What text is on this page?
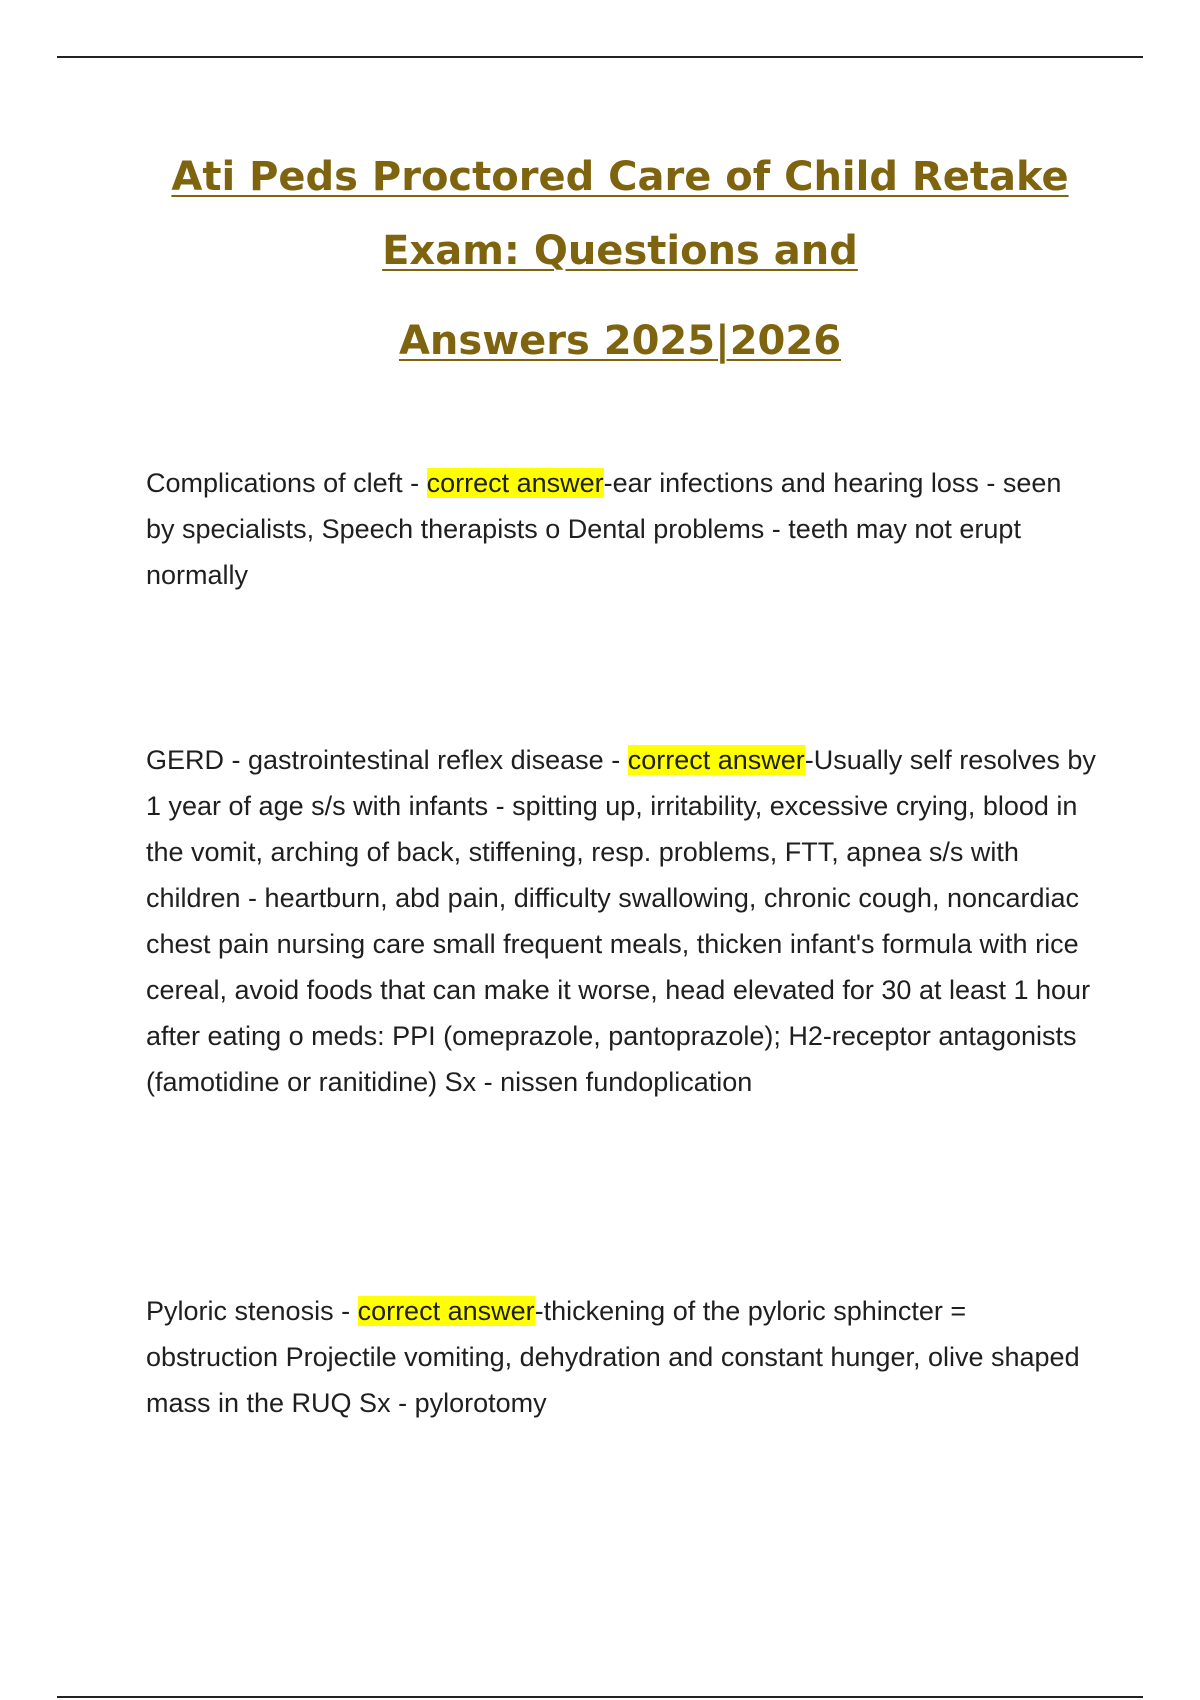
Ati Peds Proctored Care of Child Retake
Exam: Questions and
Answers 2025|2026
Complications of cleft - correct answer-ear infections and hearing loss - seen by specialists, Speech therapists o Dental problems - teeth may not erupt normally
GERD - gastrointestinal reflex disease - correct answer-Usually self resolves by 1 year of age s/s with infants - spitting up, irritability, excessive crying, blood in the vomit, arching of back, stiffening, resp. problems, FTT, apnea s/s with children - heartburn, abd pain, difficulty swallowing, chronic cough, noncardiac chest pain nursing care small frequent meals, thicken infant's formula with rice cereal, avoid foods that can make it worse, head elevated for 30 at least 1 hour after eating o meds: PPI (omeprazole, pantoprazole); H2-receptor antagonists (famotidine or ranitidine) Sx - nissen fundoplication
Pyloric stenosis - correct answer-thickening of the pyloric sphincter = obstruction Projectile vomiting, dehydration and constant hunger, olive shaped mass in the RUQ Sx - pylorotomy
